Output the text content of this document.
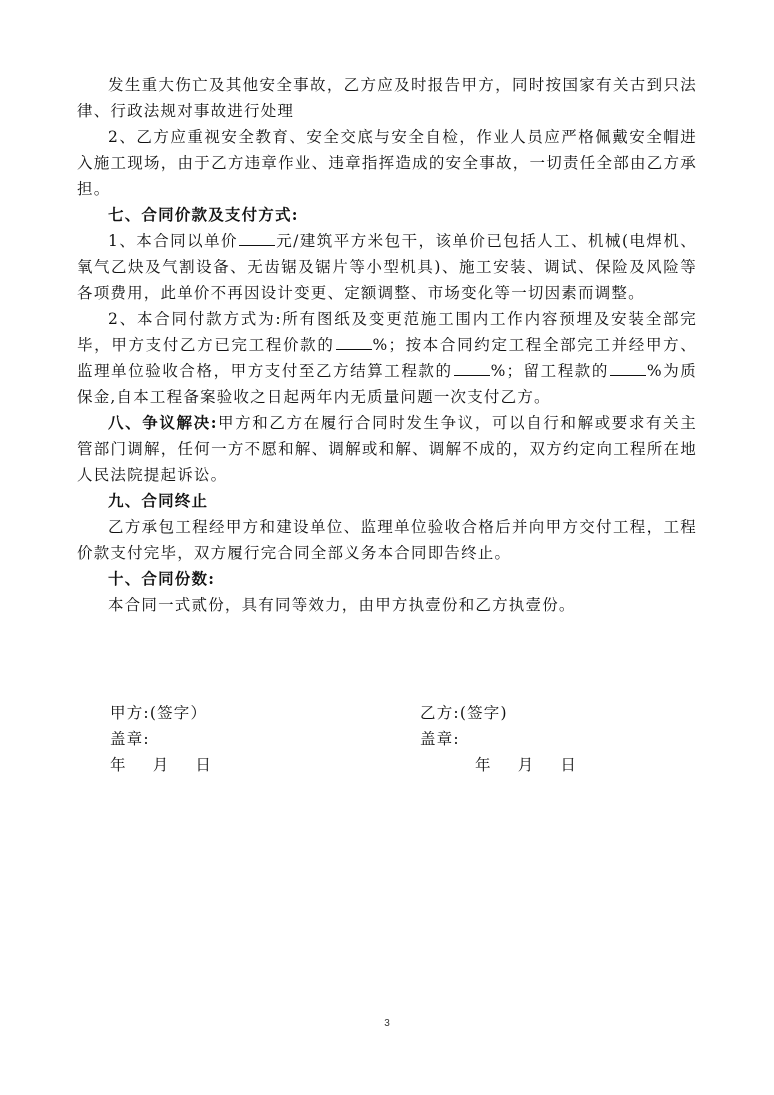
发生重大伤亡及其他安全事故，乙方应及时报告甲方，同时按国家有关古到只法律、行政法规对事故进行处理

2、乙方应重视安全教育、安全交底与安全自检，作业人员应严格佩戴安全帽进入施工现场，由于乙方违章作业、违章指挥造成的安全事故，一切责任全部由乙方承担。

七、合同价款及支付方式:

1、本合同以单价 元/建筑平方米包干，该单价已包括人工、机械(电焊机、氧气乙炔及气割设备、无齿锯及锯片等小型机具)、施工安装、调试、保险及风险等各项费用，此单价不再因设计变更、定额调整、市场变化等一切因素而调整。

2、本合同付款方式为:所有图纸及变更范施工围内工作内容预埋及安装全部完毕，甲方支付乙方已完工程价款的 %；按本合同约定工程全部完工并经甲方、监理单位验收合格，甲方支付至乙方结算工程款的 %；留工程款的 %为质保金,自本工程备案验收之日起两年内无质量问题一次支付乙方。

八、争议解决:甲方和乙方在履行合同时发生争议，可以自行和解或要求有关主管部门调解，任何一方不愿和解、调解或和解、调解不成的，双方约定向工程所在地人民法院提起诉讼。

九、合同终止

乙方承包工程经甲方和建设单位、监理单位验收合格后并向甲方交付工程，工程价款支付完毕，双方履行完合同全部义务本合同即告终止。

十、合同份数:

本合同一式贰份，具有同等效力，由甲方执壹份和乙方执壹份。

甲方:(签字）
盖章:
年 月 日
乙方:(签字)
盖章:
年 月 日
3
